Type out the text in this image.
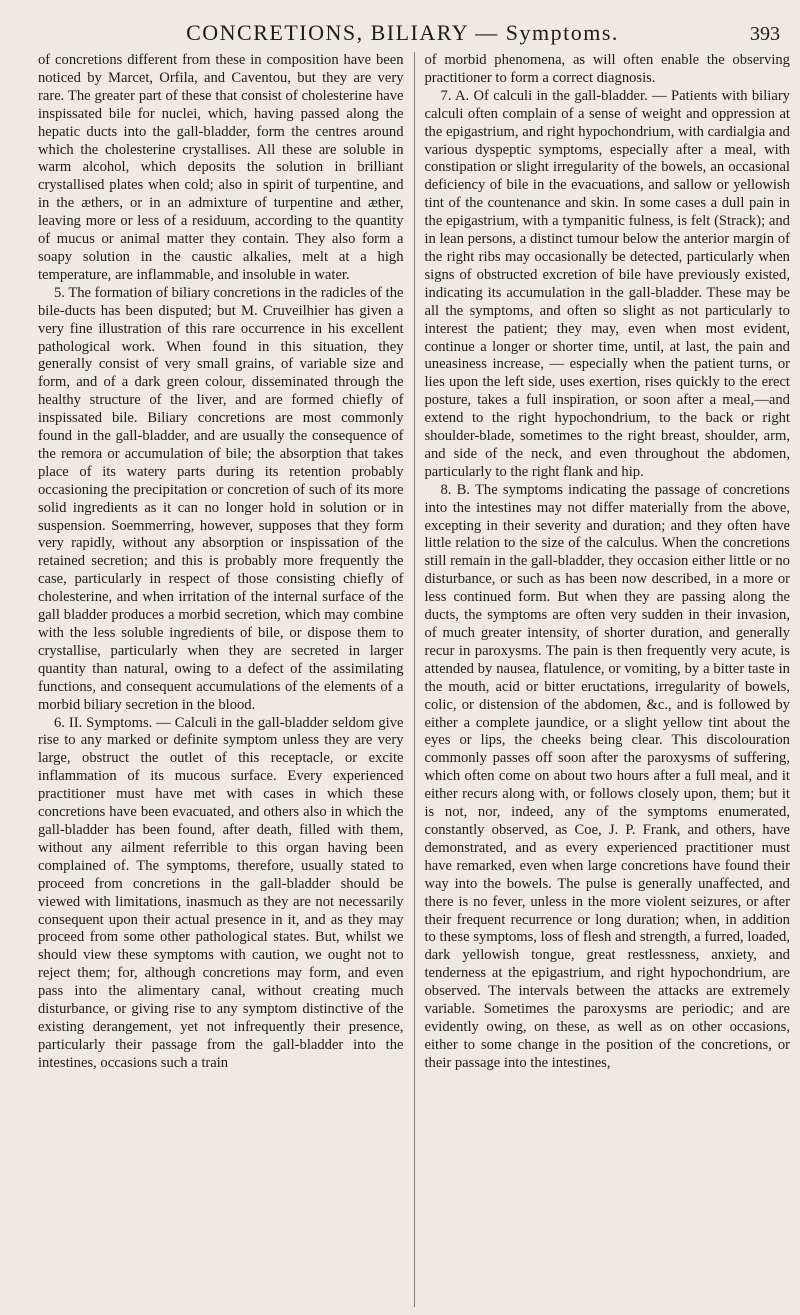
CONCRETIONS, BILIARY — Symptoms.	393

of concretions different from these in composition have been noticed by Marcet, Orfila, and Caventou, but they are very rare. The greater part of these that consist of cholesterine have inspissated bile for nuclei, which, having passed along the hepatic ducts into the gall-bladder, form the centres around which the cholesterine crystallises. All these are soluble in warm alcohol, which deposits the solution in brilliant crystallised plates when cold; also in spirit of turpentine, and in the æthers, or in an admixture of turpentine and æther, leaving more or less of a residuum, according to the quantity of mucus or animal matter they contain. They also form a soapy solution in the caustic alkalies, melt at a high temperature, are inflammable, and insoluble in water.

5. The formation of biliary concretions in the radicles of the bile-ducts has been disputed; but M. Cruveilhier has given a very fine illustration of this rare occurrence in his excellent pathological work. When found in this situation, they generally consist of very small grains, of variable size and form, and of a dark green colour, disseminated through the healthy structure of the liver, and are formed chiefly of inspissated bile. Biliary concretions are most commonly found in the gall-bladder, and are usually the consequence of the remora or accumulation of bile; the absorption that takes place of its watery parts during its retention probably occasioning the precipitation or concretion of such of its more solid ingredients as it can no longer hold in solution or in suspension. Soemmerring, however, supposes that they form very rapidly, without any absorption or inspissation of the retained secretion; and this is probably more frequently the case, particularly in respect of those consisting chiefly of cholesterine, and when irritation of the internal surface of the gall bladder produces a morbid secretion, which may combine with the less soluble ingredients of bile, or dispose them to crystallise, particularly when they are secreted in larger quantity than natural, owing to a defect of the assimilating functions, and consequent accumulations of the elements of a morbid biliary secretion in the blood.

6. II. Symptoms. — Calculi in the gall-bladder seldom give rise to any marked or definite symptom unless they are very large, obstruct the outlet of this receptacle, or excite inflammation of its mucous surface. Every experienced practitioner must have met with cases in which these concretions have been evacuated, and others also in which the gall-bladder has been found, after death, filled with them, without any ailment referrible to this organ having been complained of. The symptoms, therefore, usually stated to proceed from concretions in the gall-bladder should be viewed with limitations, inasmuch as they are not necessarily consequent upon their actual presence in it, and as they may proceed from some other pathological states. But, whilst we should view these symptoms with caution, we ought not to reject them; for, although concretions may form, and even pass into the alimentary canal, without creating much disturbance, or giving rise to any symptom distinctive of the existing derangement, yet not infrequently their presence, particularly their passage from the gall-bladder into the intestines, occasions such a train

of morbid phenomena, as will often enable the observing practitioner to form a correct diagnosis.

7. A. Of calculi in the gall-bladder. — Patients with biliary calculi often complain of a sense of weight and oppression at the epigastrium, and right hypochondrium, with cardialgia and various dyspeptic symptoms, especially after a meal, with constipation or slight irregularity of the bowels, an occasional deficiency of bile in the evacuations, and sallow or yellowish tint of the countenance and skin. In some cases a dull pain in the epigastrium, with a tympanitic fulness, is felt (Strack); and in lean persons, a distinct tumour below the anterior margin of the right ribs may occasionally be detected, particularly when signs of obstructed excretion of bile have previously existed, indicating its accumulation in the gall-bladder. These may be all the symptoms, and often so slight as not particularly to interest the patient; they may, even when most evident, continue a longer or shorter time, until, at last, the pain and uneasiness increase, — especially when the patient turns, or lies upon the left side, uses exertion, rises quickly to the erect posture, takes a full inspiration, or soon after a meal,—and extend to the right hypochondrium, to the back or right shoulder-blade, sometimes to the right breast, shoulder, arm, and side of the neck, and even throughout the abdomen, particularly to the right flank and hip.

8. B. The symptoms indicating the passage of concretions into the intestines may not differ materially from the above, excepting in their severity and duration; and they often have little relation to the size of the calculus. When the concretions still remain in the gall-bladder, they occasion either little or no disturbance, or such as has been now described, in a more or less continued form. But when they are passing along the ducts, the symptoms are often very sudden in their invasion, of much greater intensity, of shorter duration, and generally recur in paroxysms. The pain is then frequently very acute, is attended by nausea, flatulence, or vomiting, by a bitter taste in the mouth, acid or bitter eructations, irregularity of bowels, colic, or distension of the abdomen, &c., and is followed by either a complete jaundice, or a slight yellow tint about the eyes or lips, the cheeks being clear. This discolouration commonly passes off soon after the paroxysms of suffering, which often come on about two hours after a full meal, and it either recurs along with, or follows closely upon, them; but it is not, nor, indeed, any of the symptoms enumerated, constantly observed, as Coe, J. P. Frank, and others, have demonstrated, and as every experienced practitioner must have remarked, even when large concretions have found their way into the bowels. The pulse is generally unaffected, and there is no fever, unless in the more violent seizures, or after their frequent recurrence or long duration; when, in addition to these symptoms, loss of flesh and strength, a furred, loaded, dark yellowish tongue, great restlessness, anxiety, and tenderness at the epigastrium, and right hypochondrium, are observed. The intervals between the attacks are extremely variable. Sometimes the paroxysms are periodic; and are evidently owing, on these, as well as on other occasions, either to some change in the position of the concretions, or their passage into the intestines,
